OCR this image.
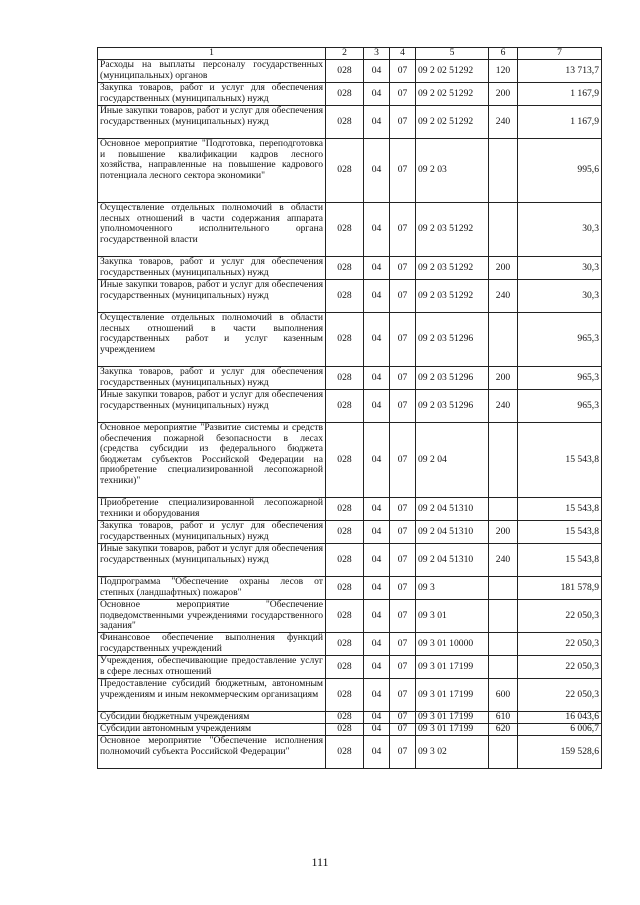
1	2	3	4	5	6	7
Расходы на выплаты персоналу государственных (муниципальных) органов	028	04	07	09 2 02 51292	120	13 713,7
Закупка товаров, работ и услуг для обеспечения государственных (муниципальных) нужд	028	04	07	09 2 02 51292	200	1 167,9
Иные закупки товаров, работ и услуг для обеспечения государственных (муниципальных) нужд	028	04	07	09 2 02 51292	240	1 167,9
Основное мероприятие "Подготовка, переподготовка и повышение квалификации кадров лесного хозяйства, направленные на повышение кадрового потенциала лесного сектора экономики"	028	04	07	09 2 03		995,6
Осуществление отдельных полномочий в области лесных отношений в части содержания аппарата уполномоченного исполнительного органа государственной власти	028	04	07	09 2 03 51292		30,3
Закупка товаров, работ и услуг для обеспечения государственных (муниципальных) нужд	028	04	07	09 2 03 51292	200	30,3
Иные закупки товаров, работ и услуг для обеспечения государственных (муниципальных) нужд	028	04	07	09 2 03 51292	240	30,3
Осуществление отдельных полномочий в области лесных отношений в части выполнения государственных работ и услуг казенным учреждением	028	04	07	09 2 03 51296		965,3
Закупка товаров, работ и услуг для обеспечения государственных (муниципальных) нужд	028	04	07	09 2 03 51296	200	965,3
Иные закупки товаров, работ и услуг для обеспечения государственных (муниципальных) нужд	028	04	07	09 2 03 51296	240	965,3
Основное мероприятие "Развитие системы и средств обеспечения пожарной безопасности в лесах (средства субсидии из федерального бюджета бюджетам субъектов Российской Федерации на приобретение специализированной лесопожарной техники)"	028	04	07	09 2 04		15 543,8
Приобретение специализированной лесопожарной техники и оборудования	028	04	07	09 2 04 51310		15 543,8
Закупка товаров, работ и услуг для обеспечения государственных (муниципальных) нужд	028	04	07	09 2 04 51310	200	15 543,8
Иные закупки товаров, работ и услуг для обеспечения государственных (муниципальных) нужд	028	04	07	09 2 04 51310	240	15 543,8
Подпрограмма "Обеспечение охраны лесов от степных (ландшафтных) пожаров"	028	04	07	09 3		181 578,9
Основное мероприятие "Обеспечение подведомственными учреждениями государственного задания"	028	04	07	09 3 01		22 050,3
Финансовое обеспечение выполнения функций государственных учреждений	028	04	07	09 3 01 10000		22 050,3
Учреждения, обеспечивающие предоставление услуг в сфере лесных отношений	028	04	07	09 3 01 17199		22 050,3
Предоставление субсидий бюджетным, автономным учреждениям и иным некоммерческим организациям	028	04	07	09 3 01 17199	600	22 050,3
Субсидии бюджетным учреждениям	028	04	07	09 3 01 17199	610	16 043,6
Субсидии автономным учреждениям	028	04	07	09 3 01 17199	620	6 006,7
Основное мероприятие "Обеспечение исполнения полномочий субъекта Российской Федерации"	028	04	07	09 3 02		159 528,6
111
